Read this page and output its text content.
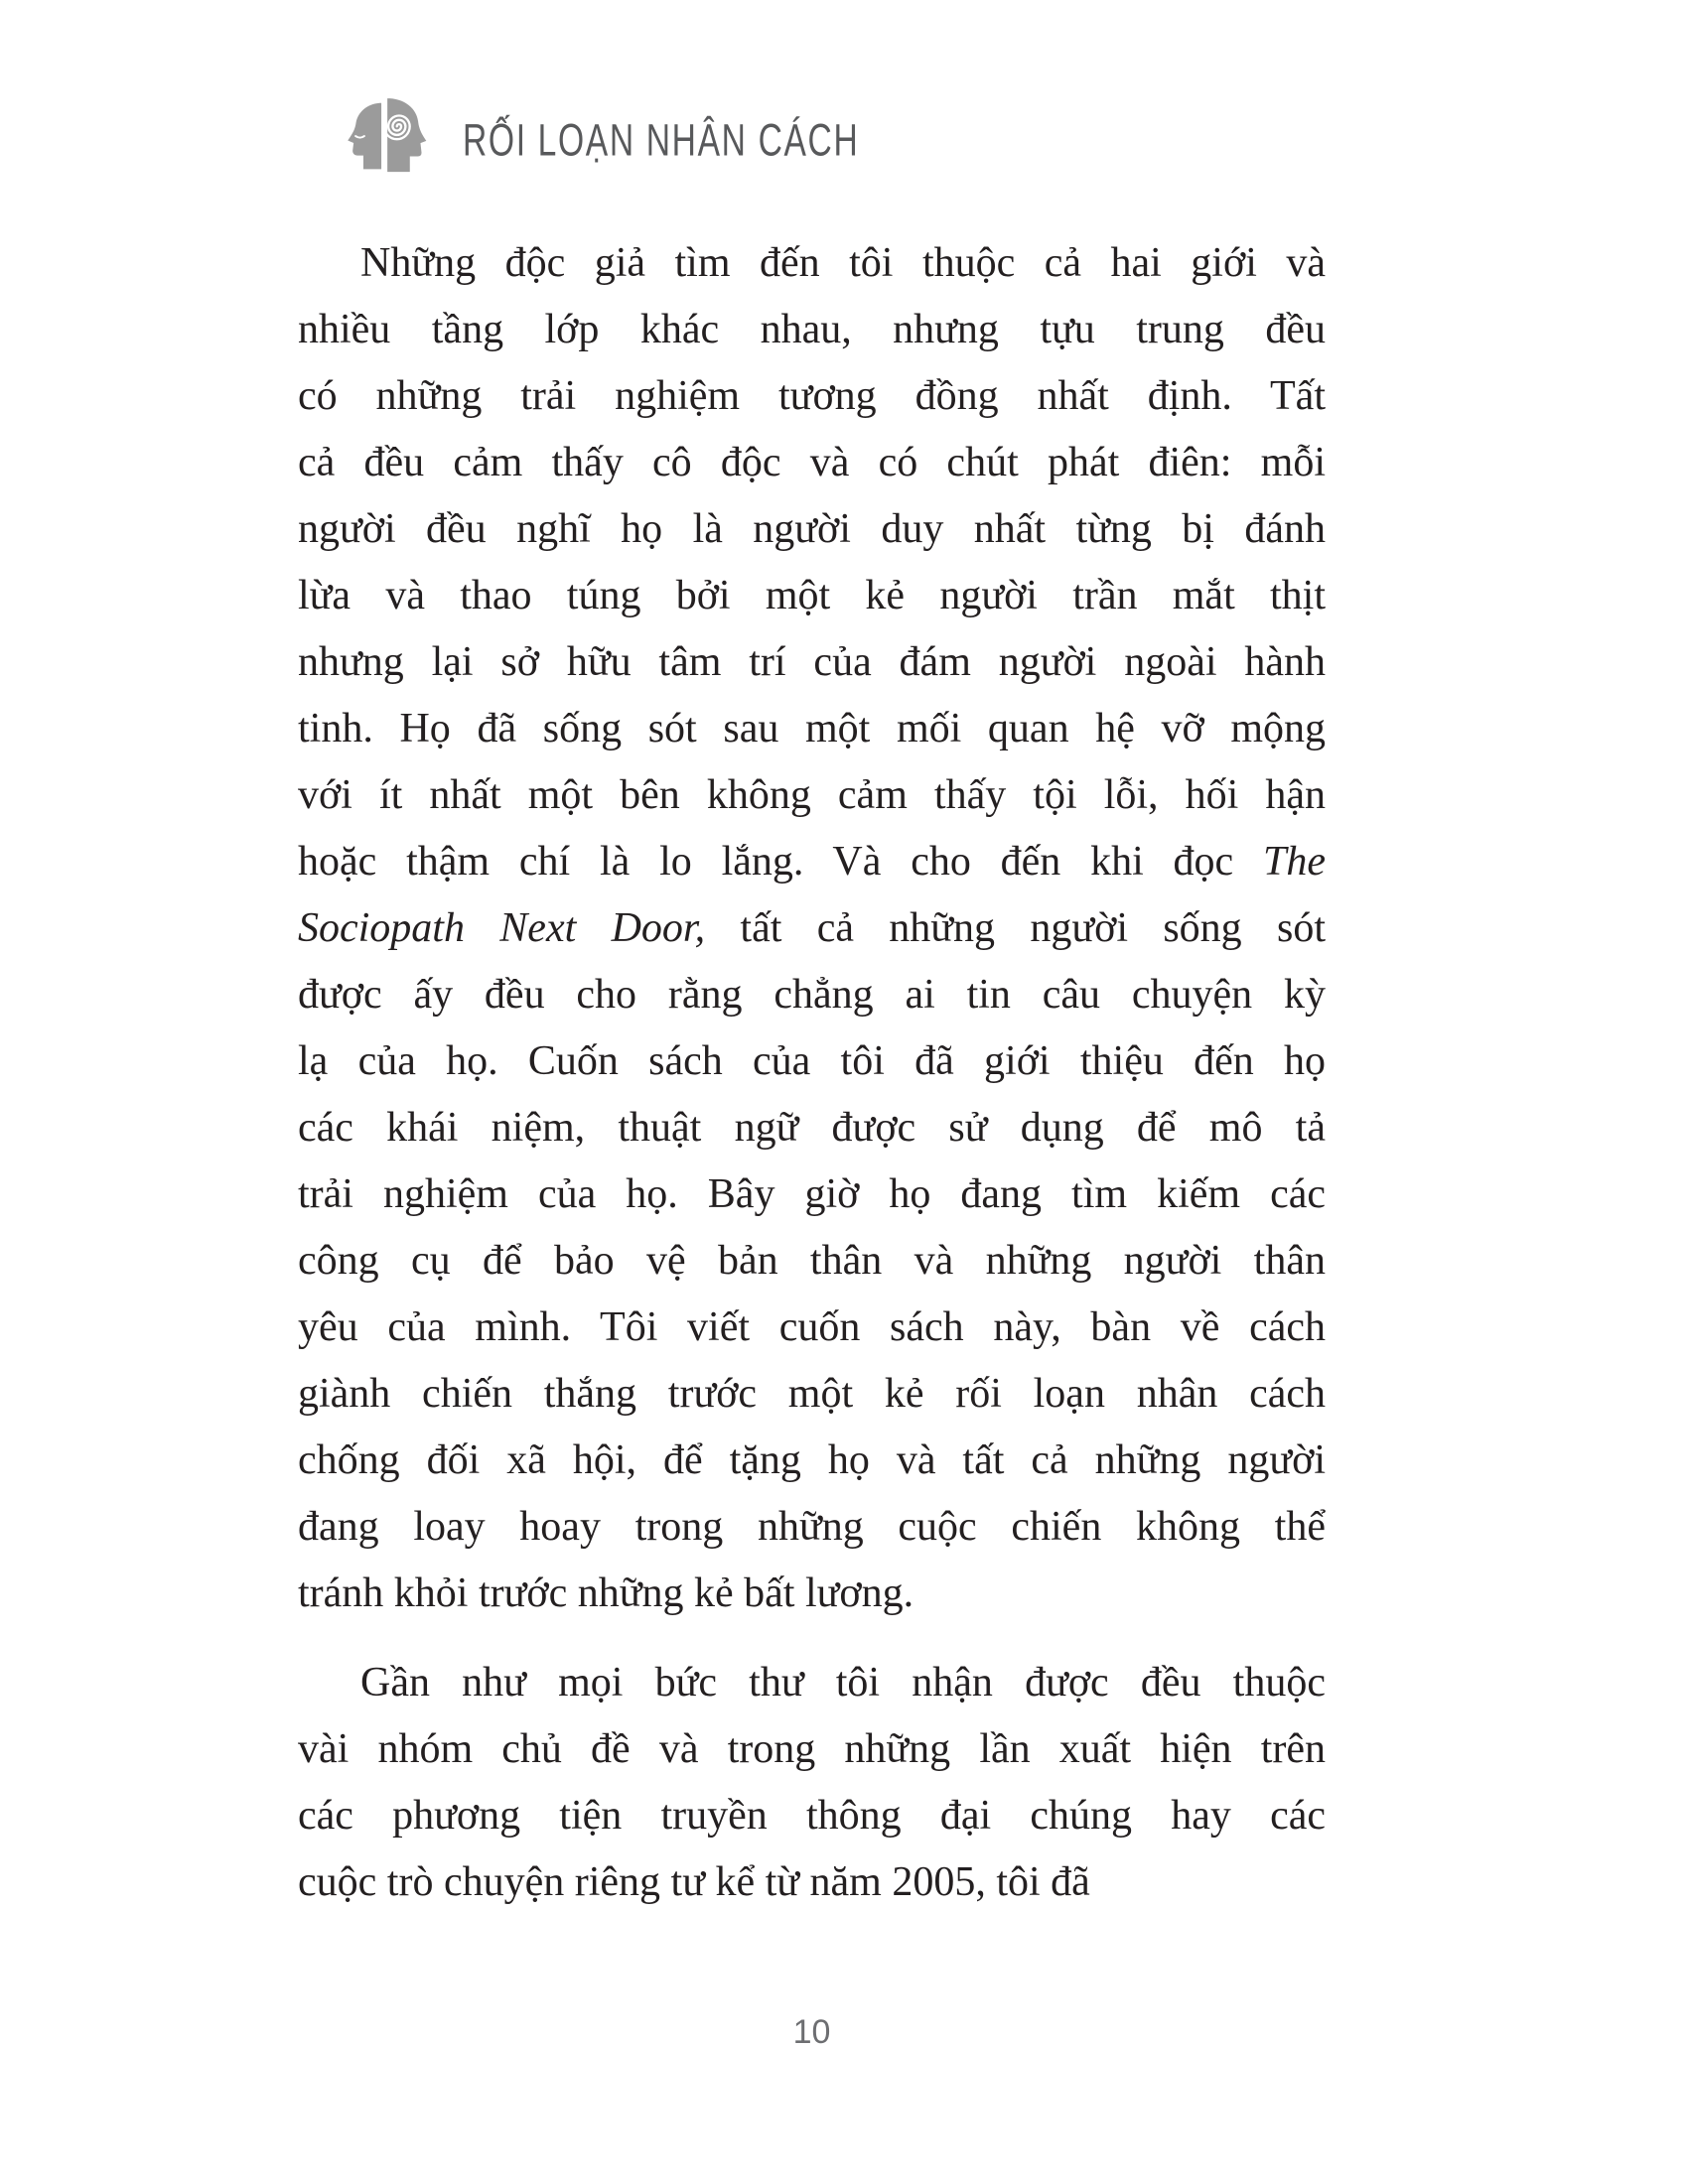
RỐI LOẠN NHÂN CÁCH
Những độc giả tìm đến tôi thuộc cả hai giới và
nhiều tầng lớp khác nhau, nhưng tựu trung đều
có những trải nghiệm tương đồng nhất định. Tất
cả đều cảm thấy cô độc và có chút phát điên: mỗi
người đều nghĩ họ là người duy nhất từng bị đánh
lừa và thao túng bởi một kẻ người trần mắt thịt
nhưng lại sở hữu tâm trí của đám người ngoài hành
tinh. Họ đã sống sót sau một mối quan hệ vỡ mộng
với ít nhất một bên không cảm thấy tội lỗi, hối hận
hoặc thậm chí là lo lắng. Và cho đến khi đọc The
Sociopath Next Door, tất cả những người sống sót
được ấy đều cho rằng chẳng ai tin câu chuyện kỳ
lạ của họ. Cuốn sách của tôi đã giới thiệu đến họ
các khái niệm, thuật ngữ được sử dụng để mô tả
trải nghiệm của họ. Bây giờ họ đang tìm kiếm các
công cụ để bảo vệ bản thân và những người thân
yêu của mình. Tôi viết cuốn sách này, bàn về cách
giành chiến thắng trước một kẻ rối loạn nhân cách
chống đối xã hội, để tặng họ và tất cả những người
đang loay hoay trong những cuộc chiến không thể
tránh khỏi trước những kẻ bất lương.
Gần như mọi bức thư tôi nhận được đều thuộc
vài nhóm chủ đề và trong những lần xuất hiện trên
các phương tiện truyền thông đại chúng hay các
cuộc trò chuyện riêng tư kể từ năm 2005, tôi đã
10
